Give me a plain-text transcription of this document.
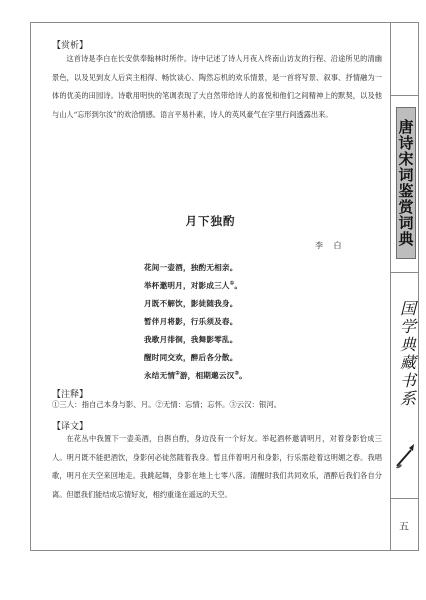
唐诗宋词鉴赏词典
国学典藏书系
五
【赏析】

这首诗是李白在长安供奉翰林时所作。诗中记述了诗人月夜入终南山访友的行程、沿途所见的清幽景色，以及见到友人后宾主相得、畅饮谈心、陶然忘机的欢乐情景，是一首将写景、叙事、抒情融为一体的优美的田园诗。诗歌用明快的笔调表现了大自然带给诗人的喜悦和他们之间精神上的默契，以及他与山人“忘形到尔汝”的欢洽情感。语言平易朴素，诗人的英风豪气在字里行间透露出来。

月下独酌
李 白
花间一壶酒，独酌无相亲。
举杯邀明月，对影成三人①。
月既不解饮，影徒随我身。
暂伴月将影，行乐须及春。
我歌月徘徊，我舞影零乱。
醒时同交欢，醉后各分散。
永结无情②游，相期邈云汉③。
【注释】
①三人：指自己本身与影、月。②无情：忘情；忘怀。③云汉：银河。
【译文】

在花丛中我置下一壶美酒，自斟自酌，身边没有一个好友。举起酒杯邀请明月，对着身影恰成三人。明月既不能把酒饮，身影何必徒然随着我身。暂且伴着明月和身影，行乐需趁着这明媚之春。我唱歌，明月在天空来回地走。我跳起舞，身影在地上七零八落。清醒时我们共同欢乐，酒醉后我们各自分离。但愿我们能结成忘情好友，相约重逢在遥远的天空。
